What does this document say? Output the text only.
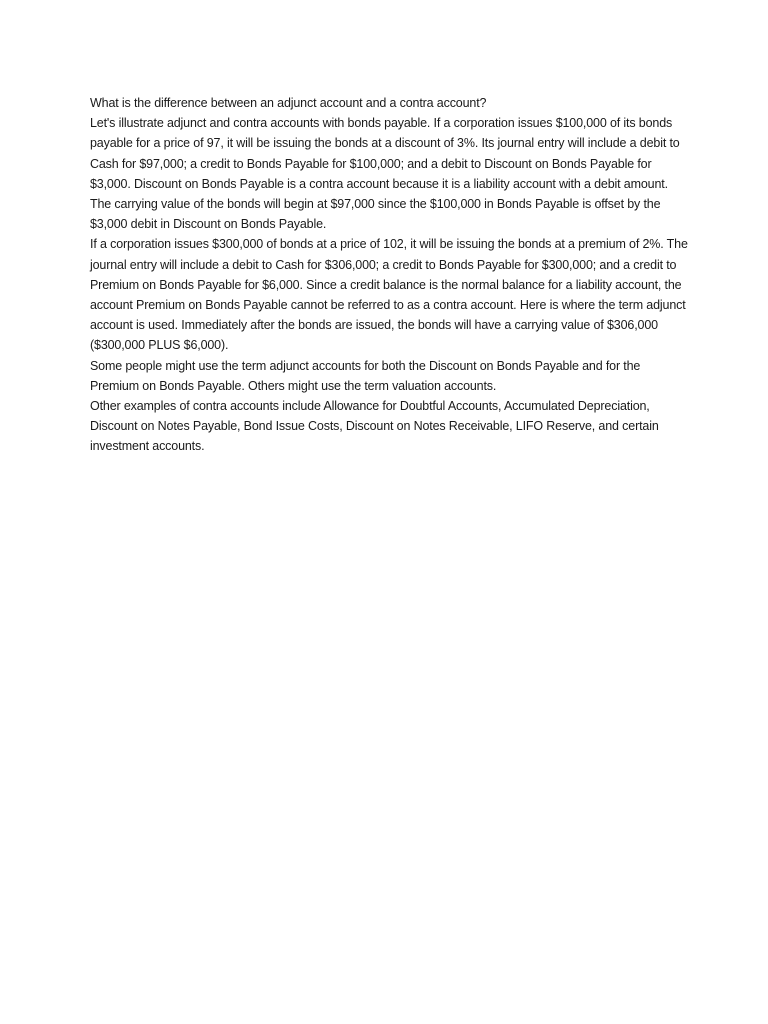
What is the difference between an adjunct account and a contra account?

Let's illustrate adjunct and contra accounts with bonds payable. If a corporation issues $100,000 of its bonds payable for a price of 97, it will be issuing the bonds at a discount of 3%. Its journal entry will include a debit to Cash for $97,000; a credit to Bonds Payable for $100,000; and a debit to Discount on Bonds Payable for $3,000. Discount on Bonds Payable is a contra account because it is a liability account with a debit amount. The carrying value of the bonds will begin at $97,000 since the $100,000 in Bonds Payable is offset by the $3,000 debit in Discount on Bonds Payable.

If a corporation issues $300,000 of bonds at a price of 102, it will be issuing the bonds at a premium of 2%. The journal entry will include a debit to Cash for $306,000; a credit to Bonds Payable for $300,000; and a credit to Premium on Bonds Payable for $6,000. Since a credit balance is the normal balance for a liability account, the account Premium on Bonds Payable cannot be referred to as a contra account. Here is where the term adjunct account is used. Immediately after the bonds are issued, the bonds will have a carrying value of $306,000 ($300,000 PLUS $6,000).

Some people might use the term adjunct accounts for both the Discount on Bonds Payable and for the Premium on Bonds Payable. Others might use the term valuation accounts.

Other examples of contra accounts include Allowance for Doubtful Accounts, Accumulated Depreciation, Discount on Notes Payable, Bond Issue Costs, Discount on Notes Receivable, LIFO Reserve, and certain investment accounts.
